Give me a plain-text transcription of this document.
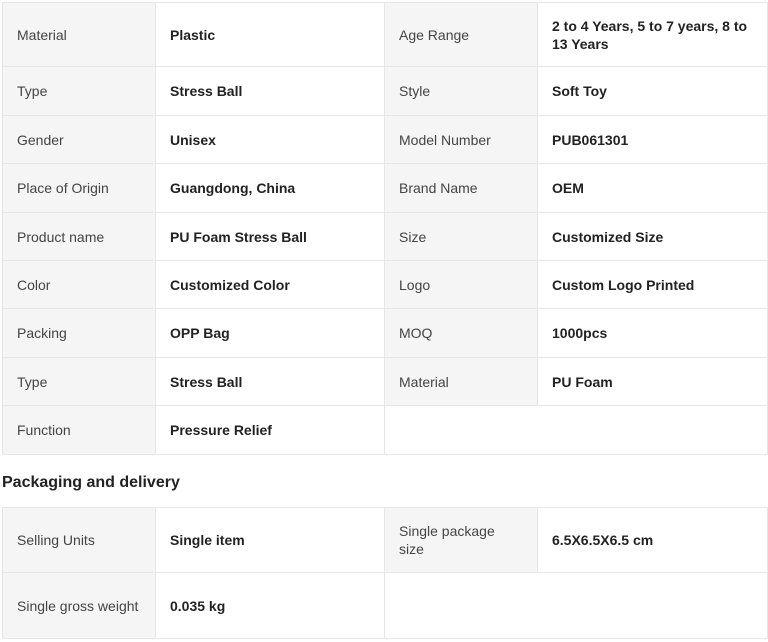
Material	Plastic	Age Range	2 to 4 Years, 5 to 7 years, 8 to 13 Years
Type	Stress Ball	Style	Soft Toy
Gender	Unisex	Model Number	PUB061301
Place of Origin	Guangdong, China	Brand Name	OEM
Product name	PU Foam Stress Ball	Size	Customized Size
Color	Customized Color	Logo	Custom Logo Printed
Packing	OPP Bag	MOQ	1000pcs
Type	Stress Ball	Material	PU Foam
Function	Pressure Relief		
Packaging and delivery
Selling Units	Single item	Single package size	6.5X6.5X6.5 cm
Single gross weight	0.035 kg		
